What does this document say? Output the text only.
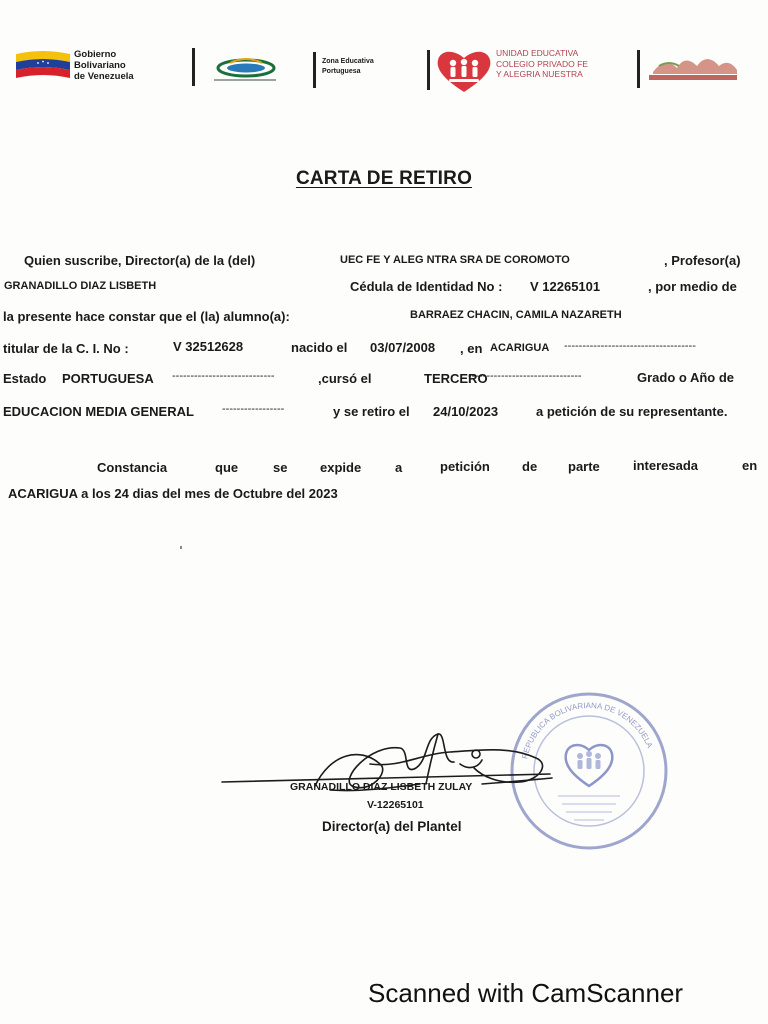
Gobierno
Bolivariano
de Venezuela
Zona Educativa
Portuguesa
UNIDAD EDUCATIVA
COLEGIO PRIVADO FE
Y ALEGRIA NUESTRA
CARTA DE RETIRO
Quien suscribe, Director(a) de la (del)	UEC FE Y ALEG NTRA SRA DE COROMOTO	, Profesor(a)
GRANADILLO DIAZ LISBETH	Cédula de Identidad No : V 12265101	, por medio de
la presente hace constar que el (la) alumno(a):	BARRAEZ CHACIN, CAMILA NAZARETH
titular de la C. I. No :	V 32512628	nacido el 03/07/2008 , en ACARIGUA ------------------------------------
Estado PORTUGUESA ----------------------------	,cursó el	TERCERO
-------------------------------	Grado o Año de
EDUCACION MEDIA GENERAL	-----------------	y se retiro el 24/10/2023	a petición de su representante.
Constancia	que	se	expide	a	petición de parte	interesada	en
ACARIGUA a los 24 dias del mes de Octubre del 2023
REPUBLICA BOLIVARIANA DE VENEZUELA
GRANADILLO DIAZ LISBETH ZULAY
V-12265101
Director(a) del Plantel
Scanned with CamScanner
